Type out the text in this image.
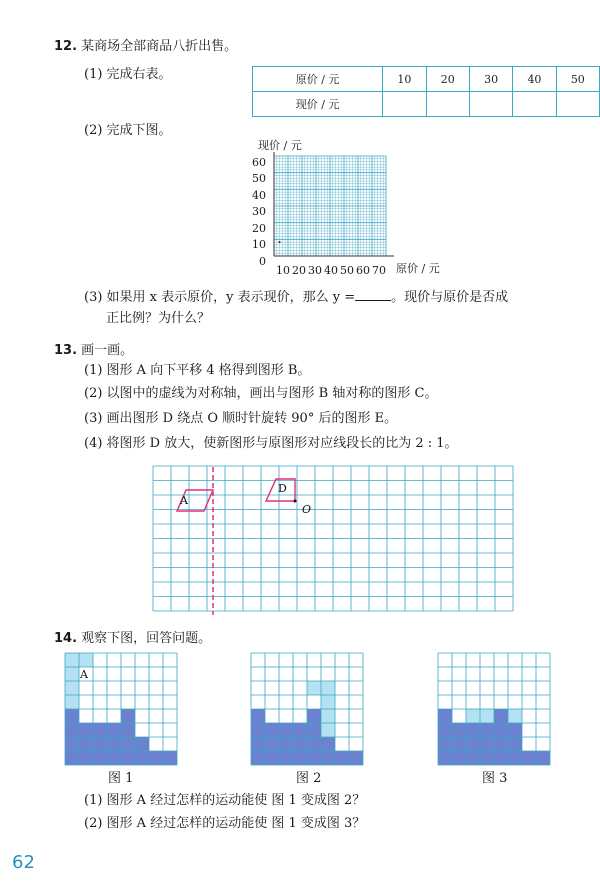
12. 某商场全部商品八折出售。
(1) 完成右表。	原价 / 元	10	20	30	40	50
现价 / 元					
(2) 完成下图。
现价 / 元
60
50
40
30
20
10
0
10 20 30 40 50 60 70 原价 / 元
(3) 如果用 x 表示原价，y 表示现价，那么 y =	。现价与原价是否成
正比例？为什么？
13. 画一画。
(1) 图形 A 向下平移 4 格得到图形 B。
(2) 以图中的虚线为对称轴，画出与图形 B 轴对称的图形 C。
(3) 画出图形 D 绕点 O 顺时针旋转 90° 后的图形 E。
(4) 将图形 D 放大，使新图形与原图形对应线段长的比为 2 : 1。
A
D
O
14. 观察下图，回答问题。
A
图 1	图 2	图 3
(1) 图形 A 经过怎样的运动能使 图 1 变成图 2？
(2) 图形 A 经过怎样的运动能使 图 1 变成图 3？
62
